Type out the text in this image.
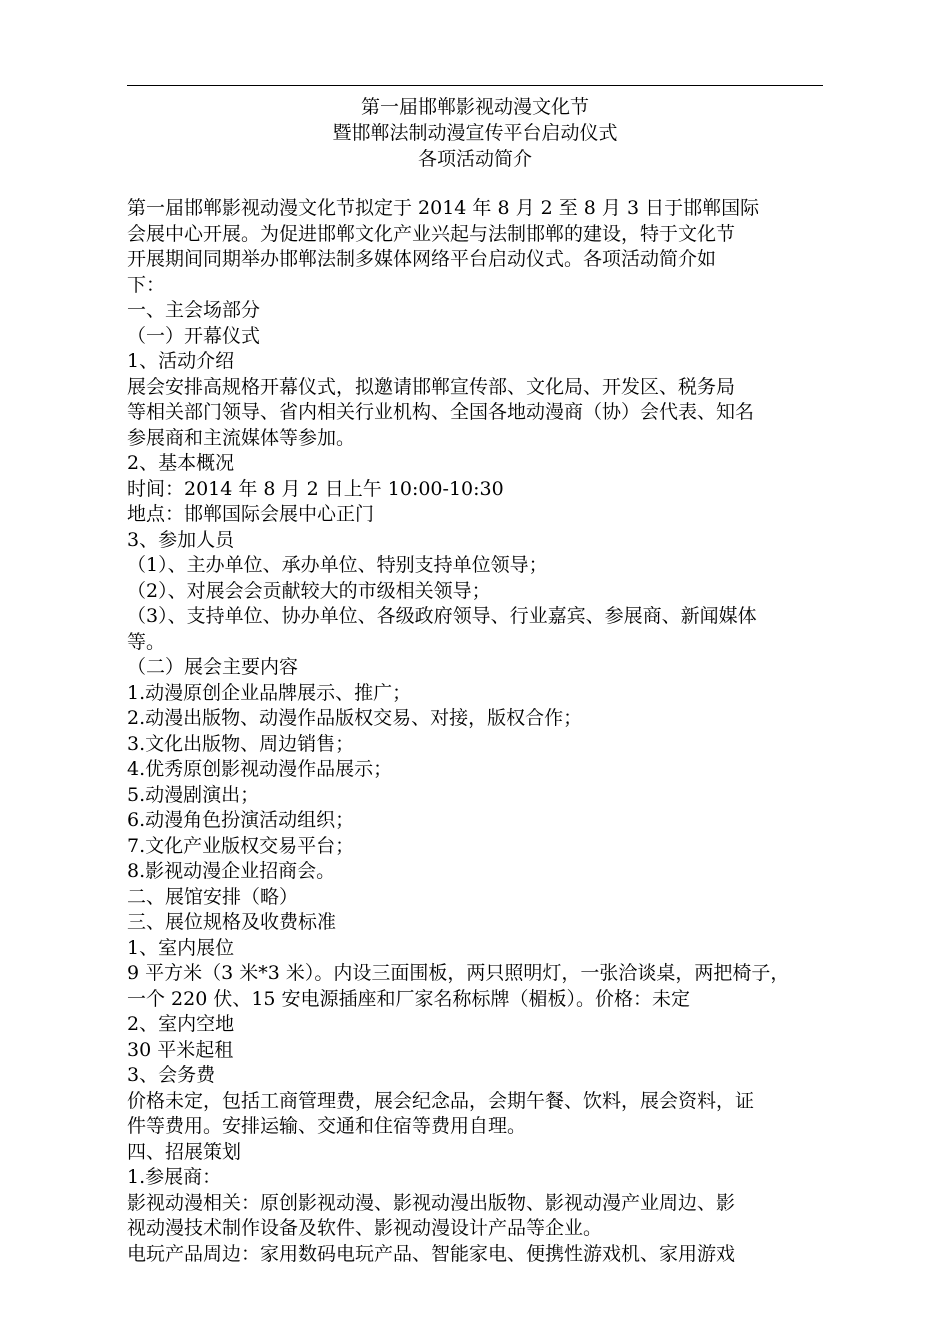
第一届邯郸影视动漫文化节
暨邯郸法制动漫宣传平台启动仪式
各项活动简介
第一届邯郸影视动漫文化节拟定于 2014 年 8 月 2 至 8 月 3 日于邯郸国际
会展中心开展。为促进邯郸文化产业兴起与法制邯郸的建设，特于文化节
开展期间同期举办邯郸法制多媒体网络平台启动仪式。各项活动简介如
下：
一、主会场部分
（一）开幕仪式
1、活动介绍
展会安排高规格开幕仪式，拟邀请邯郸宣传部、文化局、开发区、税务局
等相关部门领导、省内相关行业机构、全国各地动漫商（协）会代表、知名
参展商和主流媒体等参加。
2、基本概况
时间：2014 年 8 月 2 日上午 10:00-10:30
地点：邯郸国际会展中心正门
3、参加人员
（1）、主办单位、承办单位、特别支持单位领导；
（2）、对展会会贡献较大的市级相关领导；
（3）、支持单位、协办单位、各级政府领导、行业嘉宾、参展商、新闻媒体
等。
（二）展会主要内容
1.动漫原创企业品牌展示、推广；
2.动漫出版物、动漫作品版权交易、对接，版权合作；
3.文化出版物、周边销售；
4.优秀原创影视动漫作品展示；
5.动漫剧演出；
6.动漫角色扮演活动组织；
7.文化产业版权交易平台；
8.影视动漫企业招商会。
二、展馆安排（略）
三、展位规格及收费标准
1、室内展位
9 平方米（3 米*3 米）。内设三面围板，两只照明灯，一张洽谈桌，两把椅子，
一个 220 伏、15 安电源插座和厂家名称标牌（楣板）。价格：未定
2、室内空地
30 平米起租
3、会务费
价格未定，包括工商管理费，展会纪念品，会期午餐、饮料，展会资料，证
件等费用。安排运输、交通和住宿等费用自理。
四、招展策划
1.参展商：
影视动漫相关：原创影视动漫、影视动漫出版物、影视动漫产业周边、影
视动漫技术制作设备及软件、影视动漫设计产品等企业。
电玩产品周边：家用数码电玩产品、智能家电、便携性游戏机、家用游戏
